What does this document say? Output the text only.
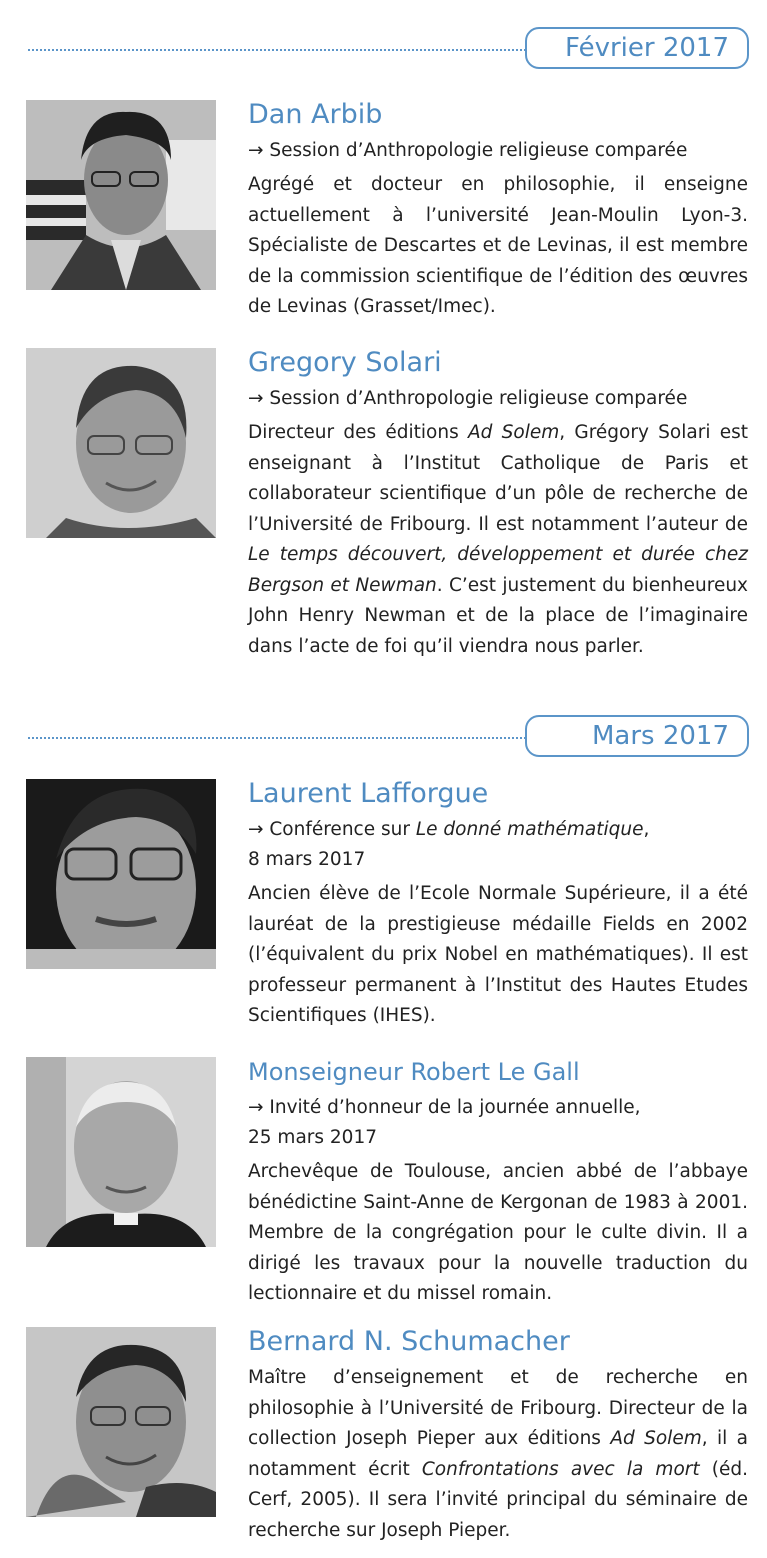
Février 2017

Dan Arbib

→ Session d’Anthropologie religieuse comparée

Agrégé et docteur en philosophie, il enseigne actuellement à l’université Jean-Moulin Lyon-3. Spécialiste de Descartes et de Levinas, il est membre de la commission scientifique de l’édition des œuvres de Levinas (Grasset/Imec).

Gregory Solari

→ Session d’Anthropologie religieuse comparée

Directeur des éditions Ad Solem, Grégory Solari est enseignant à l’Institut Catholique de Paris et collaborateur scientifique d’un pôle de recherche de l’Université de Fribourg. Il est notamment l’auteur de Le temps découvert, développement et durée chez Bergson et Newman. C’est justement du bienheureux John Henry Newman et de la place de l’imaginaire dans l’acte de foi qu’il viendra nous parler.

Mars 2017

Laurent Lafforgue

→ Conférence sur Le donné mathématique,
8 mars 2017

Ancien élève de l’Ecole Normale Supérieure, il a été lauréat de la prestigieuse médaille Fields en 2002 (l’équivalent du prix Nobel en mathématiques). Il est professeur permanent à l’Institut des Hautes Etudes Scientifiques (IHES).

Monseigneur Robert Le Gall

→ Invité d’honneur de la journée annuelle,
25 mars 2017

Archevêque de Toulouse, ancien abbé de l’abbaye bénédictine Saint-Anne de Kergonan de 1983 à 2001. Membre de la congrégation pour le culte divin. Il a dirigé les travaux pour la nouvelle traduction du lectionnaire et du missel romain.

Bernard N. Schumacher

Maître d’enseignement et de recherche en philosophie à l’Université de Fribourg. Directeur de la collection Joseph Pieper aux éditions Ad Solem, il a notamment écrit Confrontations avec la mort (éd. Cerf, 2005). Il sera l’invité principal du séminaire de recherche sur Joseph Pieper.
